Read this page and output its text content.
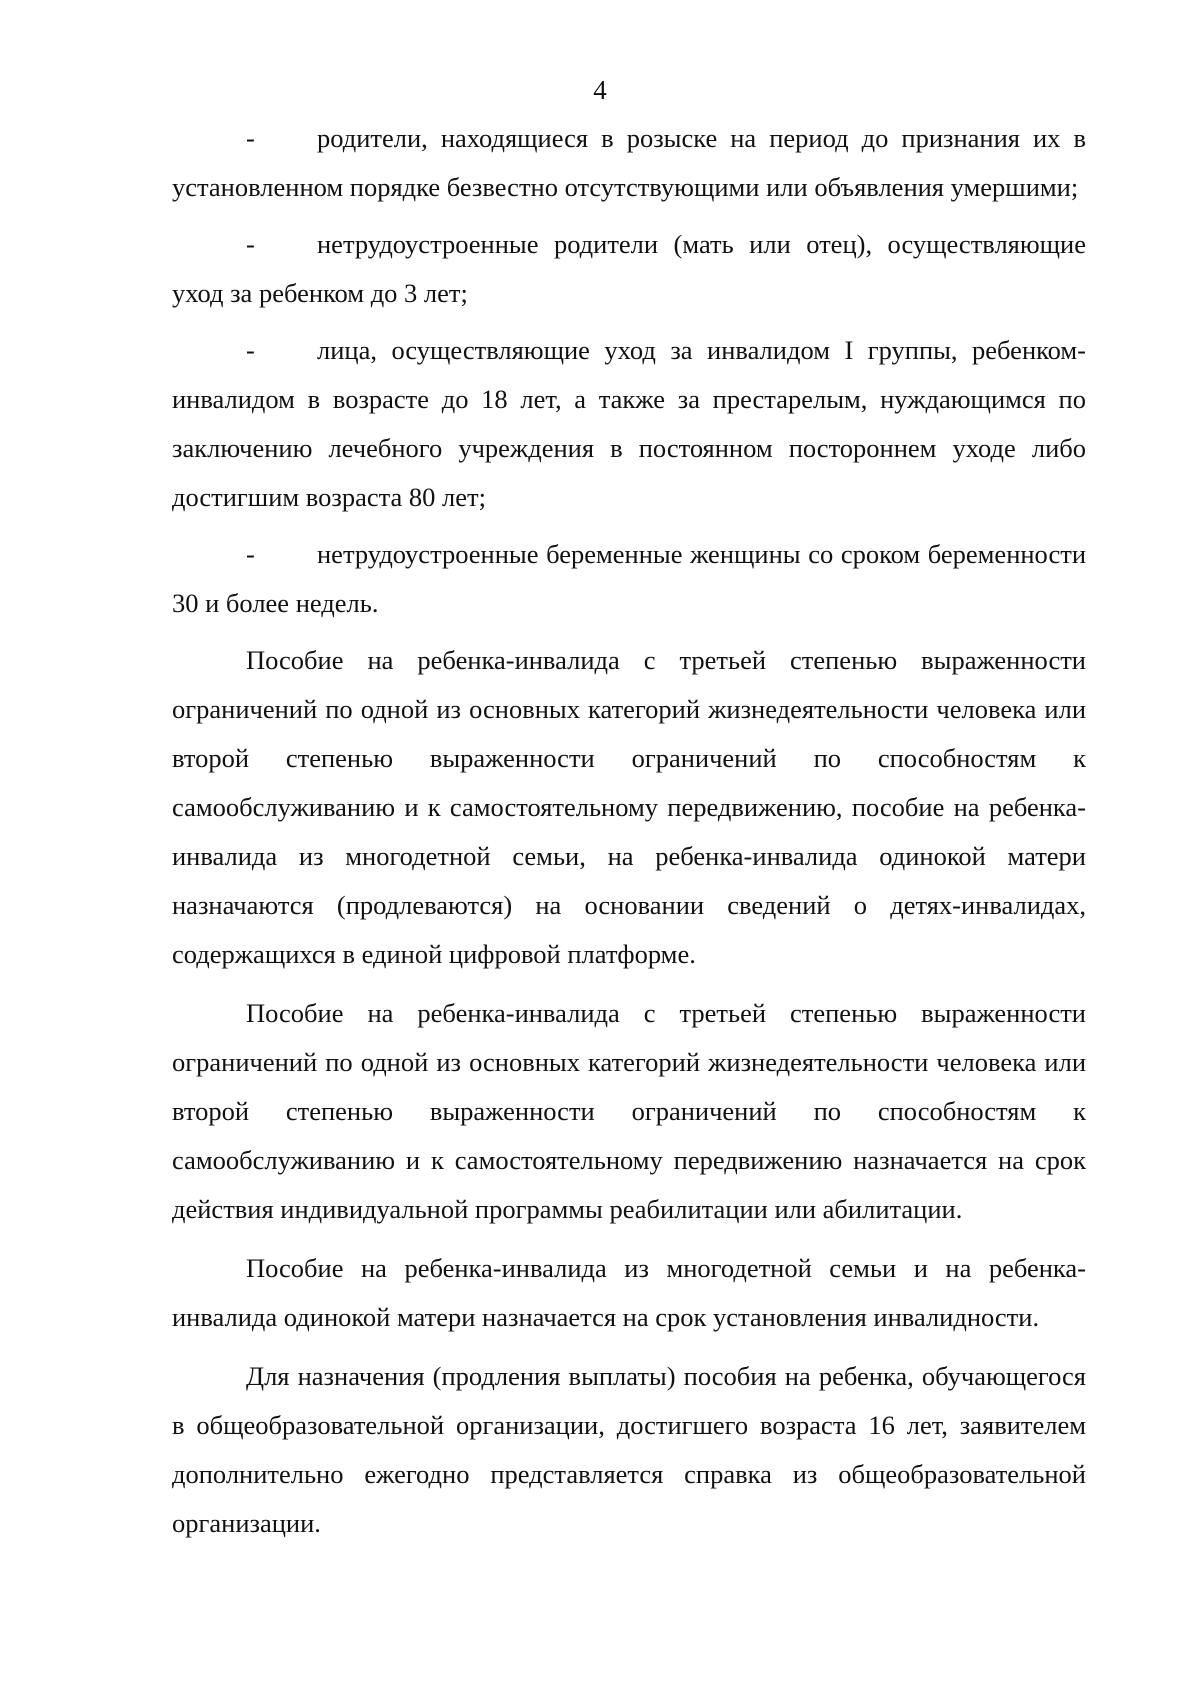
4
- родители, находящиеся в розыске на период до признания их в установленном порядке безвестно отсутствующими или объявления умершими;
- нетрудоустроенные родители (мать или отец), осуществляющие уход за ребенком до 3 лет;
- лица, осуществляющие уход за инвалидом I группы, ребенком-инвалидом в возрасте до 18 лет, а также за престарелым, нуждающимся по заключению лечебного учреждения в постоянном постороннем уходе либо достигшим возраста 80 лет;
- нетрудоустроенные беременные женщины со сроком беременности 30 и более недель.

Пособие на ребенка-инвалида с третьей степенью выраженности ограничений по одной из основных категорий жизнедеятельности человека или второй степенью выраженности ограничений по способностям к самообслуживанию и к самостоятельному передвижению, пособие на ребенка-инвалида из многодетной семьи, на ребенка-инвалида одинокой матери назначаются (продлеваются) на основании сведений о детях-инвалидах, содержащихся в единой цифровой платформе.

Пособие на ребенка-инвалида с третьей степенью выраженности ограничений по одной из основных категорий жизнедеятельности человека или второй степенью выраженности ограничений по способностям к самообслуживанию и к самостоятельному передвижению назначается на срок действия индивидуальной программы реабилитации или абилитации.

Пособие на ребенка-инвалида из многодетной семьи и на ребенка-инвалида одинокой матери назначается на срок установления инвалидности.

Для назначения (продления выплаты) пособия на ребенка, обучающегося в общеобразовательной организации, достигшего возраста 16 лет, заявителем дополнительно ежегодно представляется справка из общеобразовательной организации.
